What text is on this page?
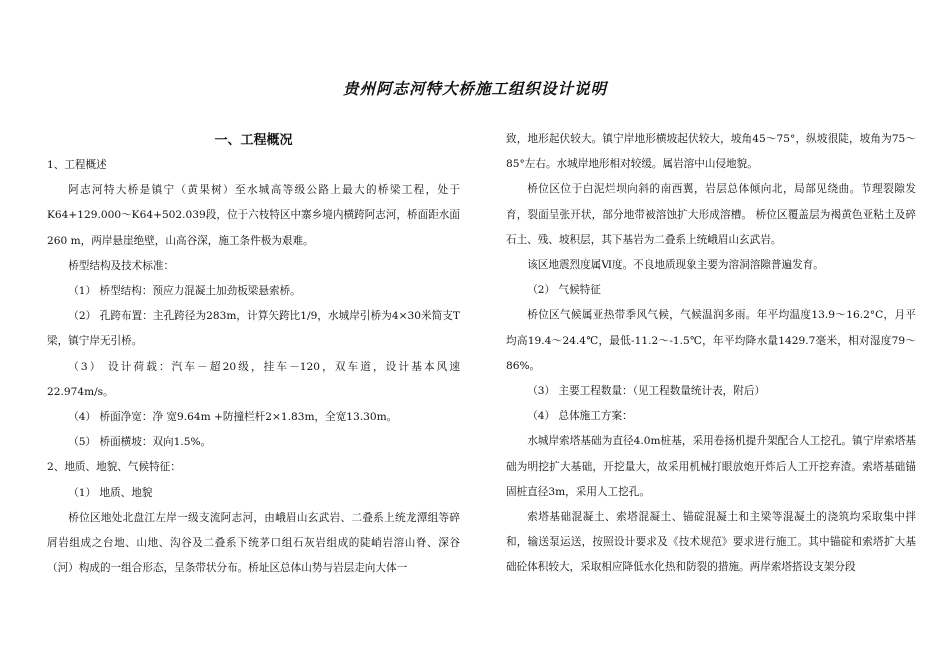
贵州阿志河特大桥施工组织设计说明

一、工程概况

1、工程概述

阿志河特大桥是镇宁（黄果树）至水城高等级公路上最大的桥梁工程，处于K64+129.000～K64+502.039段，位于六枝特区中寨乡境内横跨阿志河，桥面距水面260 m，两岸悬崖绝壁，山高谷深，施工条件极为艰难。

桥型结构及技术标准：

（1） 桥型结构：预应力混凝土加劲板梁悬索桥。

（2） 孔跨布置：主孔跨径为283m，计算矢跨比1/9，水城岸引桥为4×30米简支T梁，镇宁岸无引桥。

（3） 设计荷载：汽车－超20级，挂车－120，双车道，设计基本风速22.974m/s。

（4） 桥面净宽：净 宽9.64m +防撞栏杆2×1.83m，全宽13.30m。

（5） 桥面横坡：双向1.5%。

2、地质、地貌、气候特征：

（1） 地质、地貌

桥位区地处北盘江左岸一级支流阿志河，由峨眉山玄武岩、二叠系上统龙潭组等碎屑岩组成之台地、山地、沟谷及二叠系下统茅口组石灰岩组成的陡峭岩溶山脊、深谷（河）构成的一组合形态，呈条带状分布。桥址区总体山势与岩层走向大体一

致，地形起伏较大。镇宁岸地形横坡起伏较大，坡角45～75°，纵坡很陡，坡角为75～85°左右。水城岸地形相对较缓。属岩溶中山侵地貌。

桥位区位于白泥烂坝向斜的南西翼，岩层总体倾向北，局部见绕曲。节理裂隙发育，裂面呈张开状，部分地带被溶蚀扩大形成溶槽。 桥位区覆盖层为褐黄色亚粘土及碎石土、残、坡积层，其下基岩为二叠系上统峨眉山玄武岩。

该区地震烈度属Ⅵ度。不良地质现象主要为溶洞溶隙普遍发育。

（2） 气候特征

桥位区气候属亚热带季风气候，气候温润多雨。年平均温度13.9～16.2°C，月平均高19.4～24.4℃，最低-11.2～-1.5℃，年平均降水量1429.7毫米，相对湿度79～86%。

（3） 主要工程数量：（见工程数量统计表，附后）

（4） 总体施工方案：

水城岸索塔基础为直径4.0m桩基，采用卷扬机提升架配合人工挖孔。镇宁岸索塔基础为明挖扩大基础，开挖量大，故采用机械打眼放炮开炸后人工开挖弃渣。索塔基础锚固桩直径3m，采用人工挖孔。

索塔基础混凝土、索塔混凝土、锚碇混凝土和主梁等混凝土的浇筑均采取集中拌和，输送泵运送，按照设计要求及《技术规范》要求进行施工。其中锚碇和索塔扩大基础砼体积较大，采取相应降低水化热和防裂的措施。两岸索塔搭设支架分段
